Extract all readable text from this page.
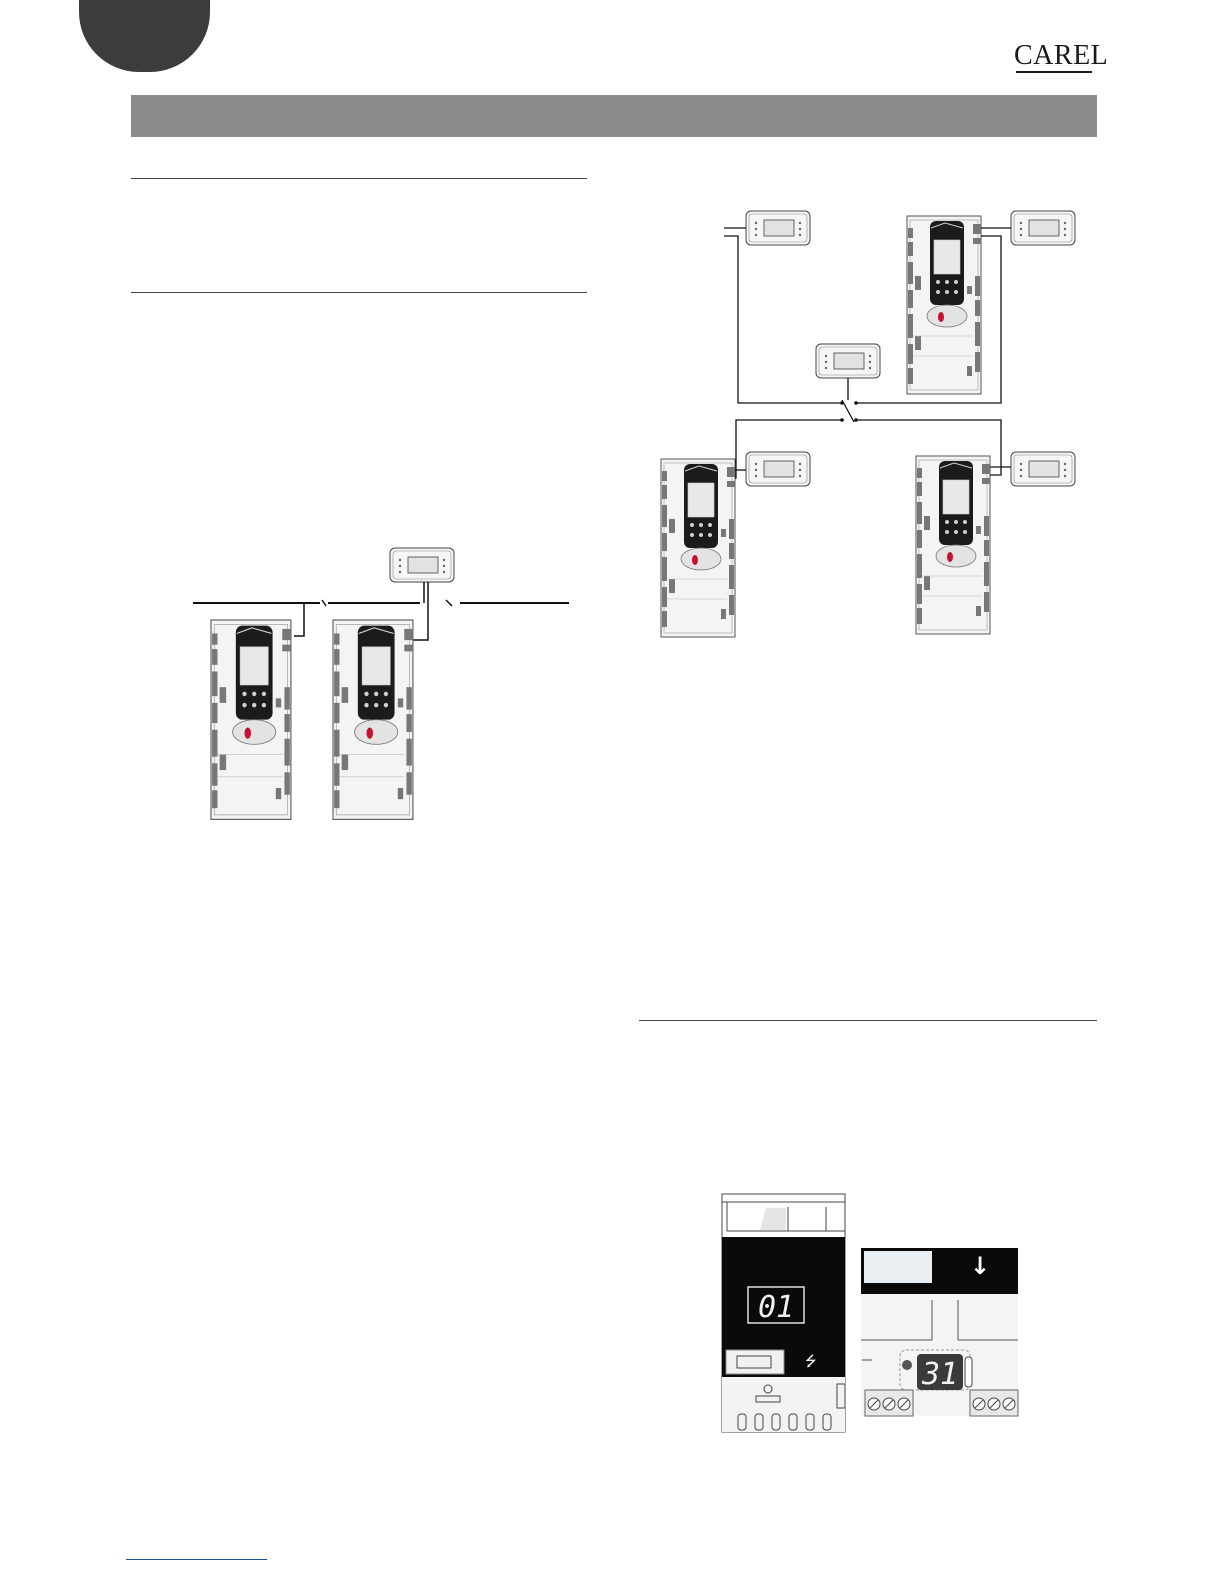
CAREL
01
⭍
↓
31
